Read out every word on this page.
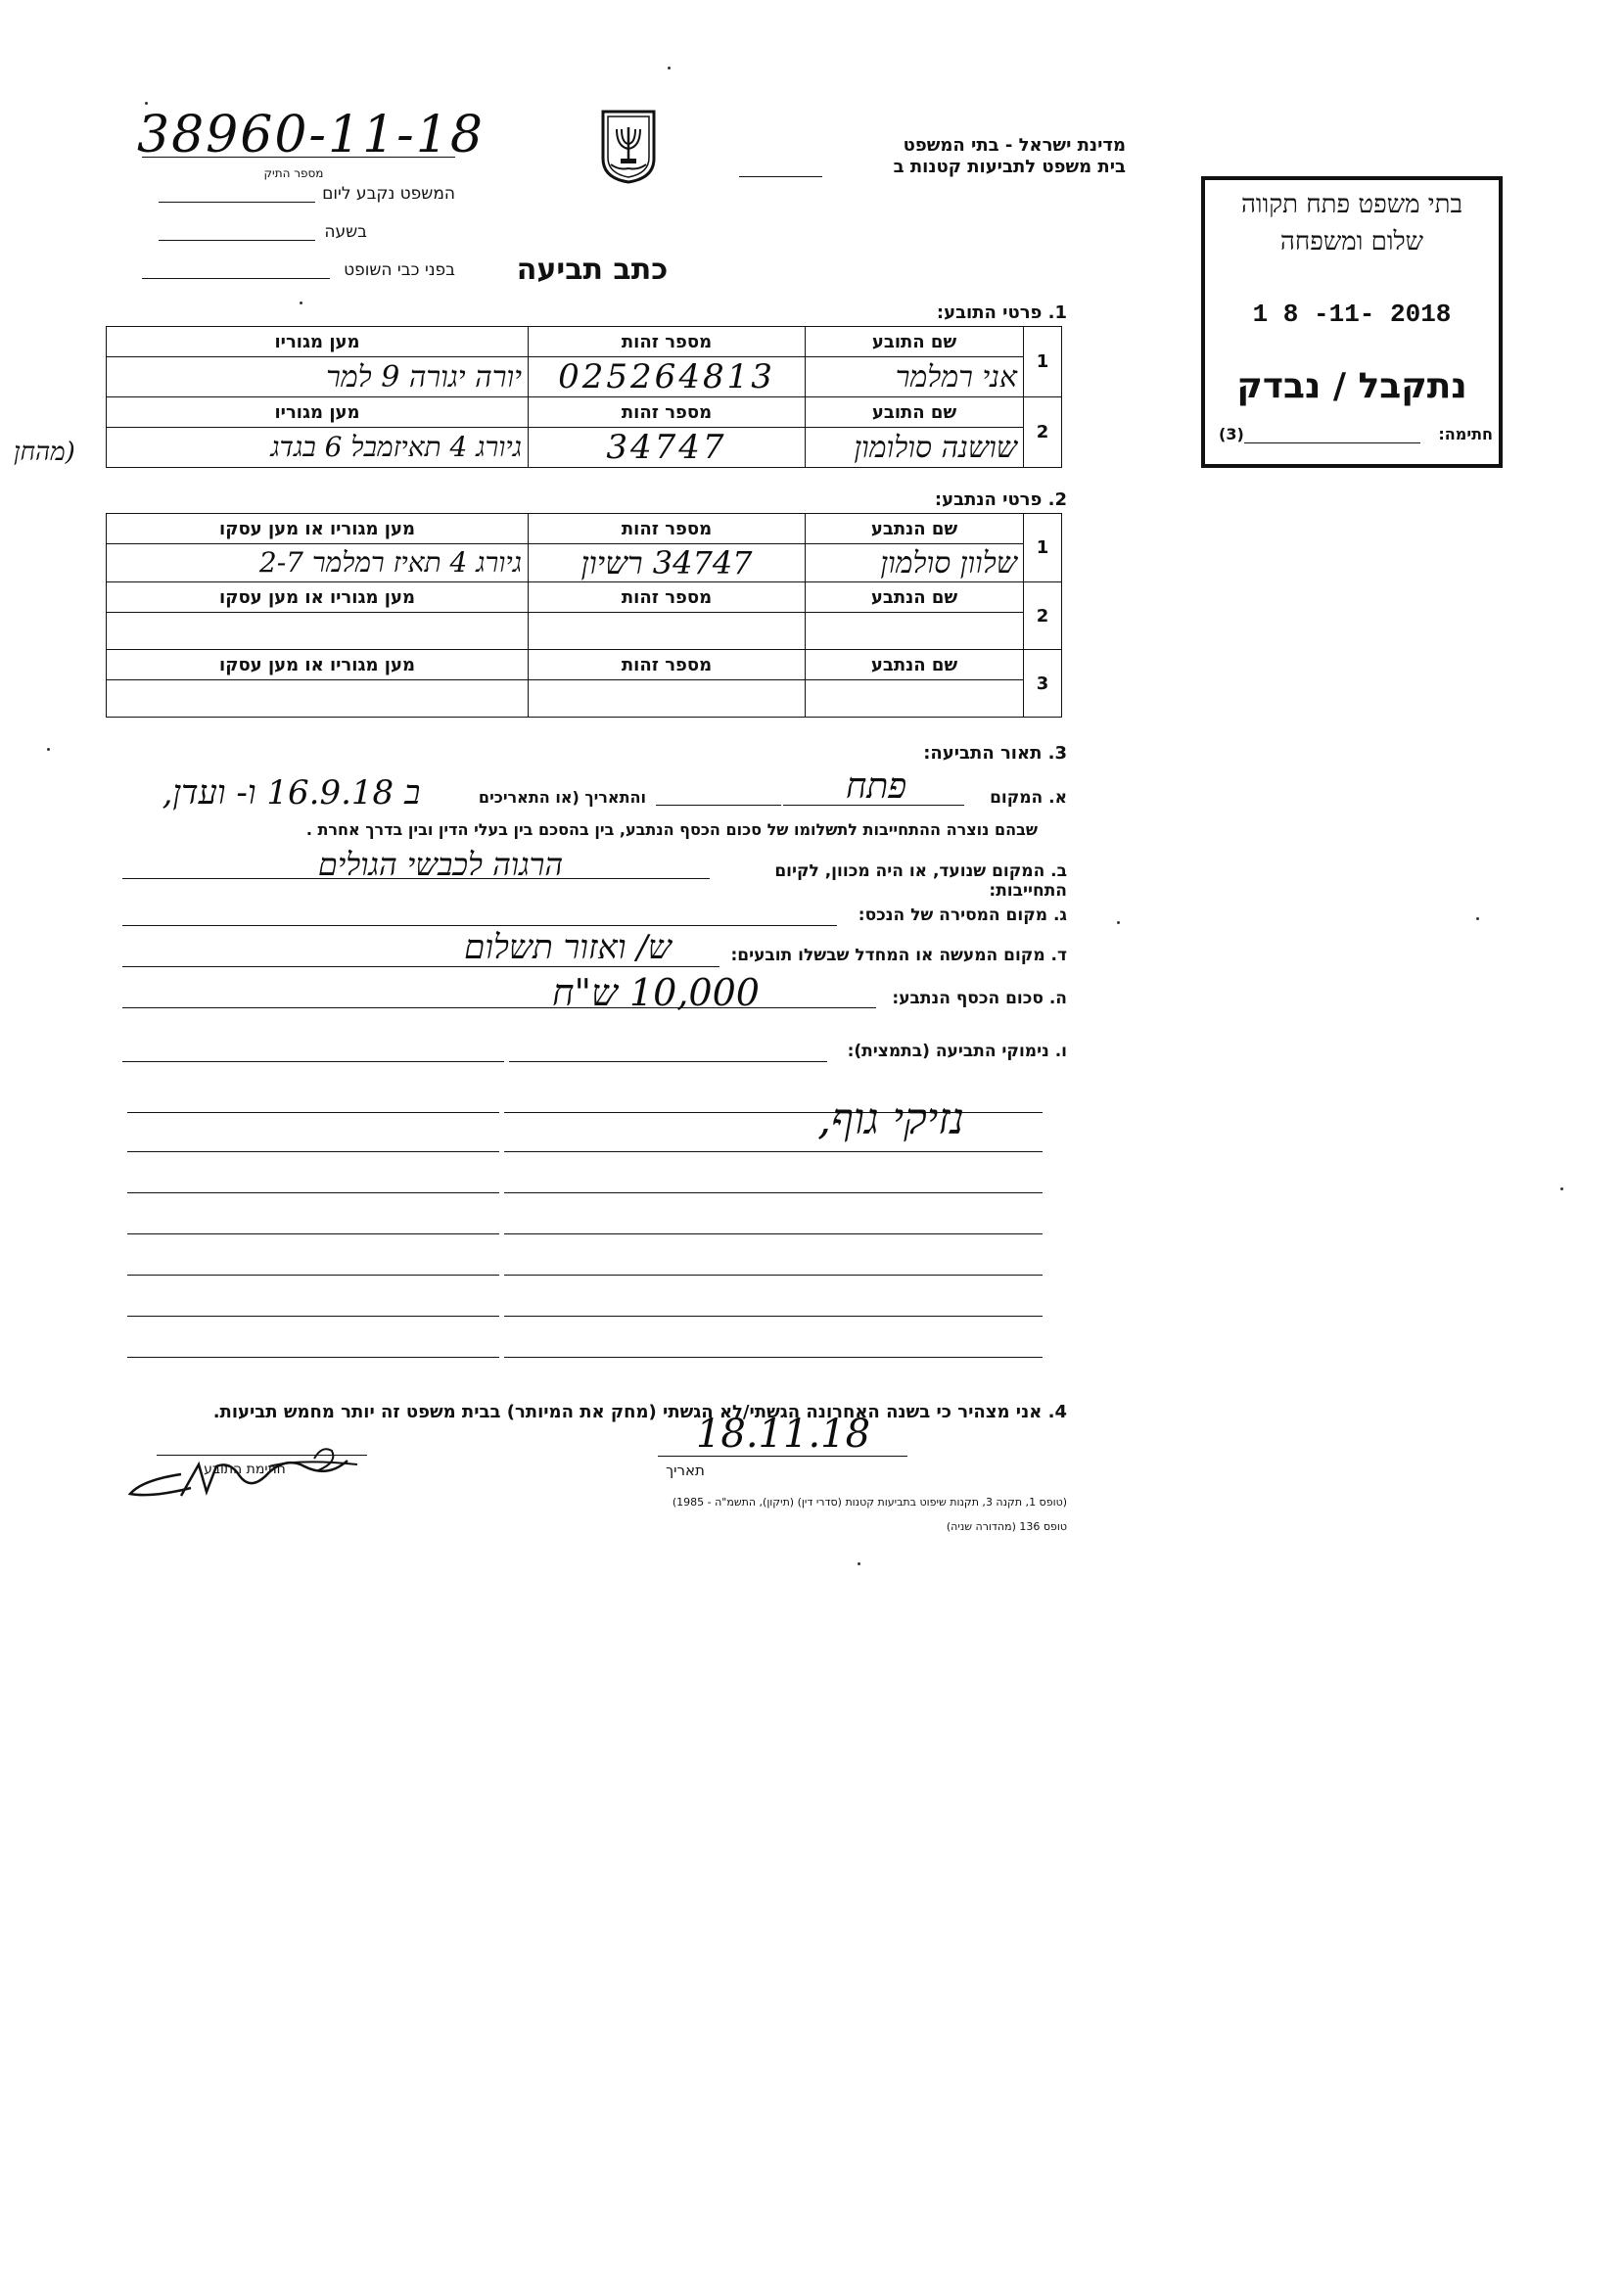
38960-11-18
מספר התיק
מדינת ישראל - בתי המשפט
בית משפט לתביעות קטנות ב
המשפט נקבע ליום
בשעה
בפני כבי השופט	כתב תביעה
בתי משפט פתח תקווה
שלום ומשפחה
1 8 -11- 2018
נתקבל / נבדק
חתימה:
(3)
1. פרטי התובע:
1	שם התובע	מספר זהות	מען מגוריו
	אני רמלמר	025264813	יורה יגורה 9 למר
2	שם התובע	מספר זהות	מען מגוריו
	שושנה סולומון	34747	גיורג 4 תאיזמבל 6 בגדג
(מהחן
2. פרטי הנתבע:
1	שם הנתבע	מספר זהות	מען מגוריו או מען עסקו
	שלוון סולמון	34747 רשיון	גיורג 4 תאיז רמלמר 2-7
2	שם הנתבע	מספר זהות	מען מגוריו או מען עסקו

3	שם הנתבע	מספר זהות	מען מגוריו או מען עסקו

3. תאור התביעה:
א. המקום
פתח
והתאריך (או התאריכים
ב 16.9.18 ו- ועדן,
שבהם נוצרה ההתחייבות לתשלומו של סכום הכסף הנתבע, בין בהסכם בין בעלי הדין ובין בדרך אחרת .
ב. המקום שנועד, או היה מכוון, לקיום התחייבות:
הרגוה לכבשי הגולים
ג. מקום המסירה של הנכס:
ד. מקום המעשה או המחדל שבשלו תובעים:
ש/ ואזור תשלום
ה. סכום הכסף הנתבע:
10,000 ש"ח
ו. נימוקי התביעה (בתמצית):
נזיקי גוף,
4. אני מצהיר כי בשנה האחרונה הגשתי/לא הגשתי (מחק את המיותר) בבית משפט זה יותר מחמש תביעות.
18.11.18
תאריך
חתימת התובע
(טופס 1, תקנה 3, תקנות שיפוט בתביעות קטנות (סדרי דין) (תיקון), התשמ"ה - 1985)
טופס 136 (מהדורה שניה)
